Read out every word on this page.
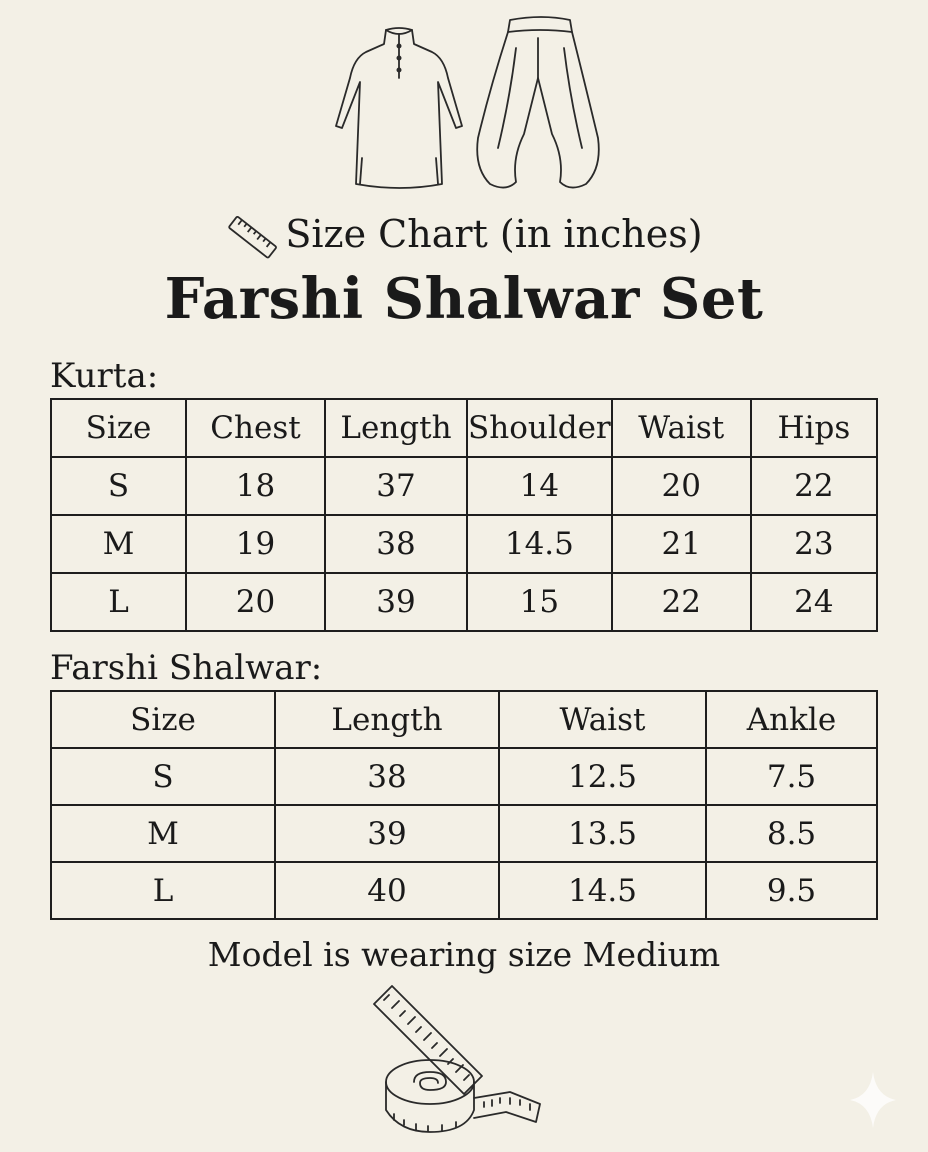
Size Chart (in inches)
Farshi Shalwar Set
Kurta:
Size	Chest	Length	Shoulder	Waist	Hips
S	18	37	14	20	22
M	19	38	14.5	21	23
L	20	39	15	22	24
Farshi Shalwar:
Size	Length	Waist	Ankle
S	38	12.5	7.5
M	39	13.5	8.5
L	40	14.5	9.5
Model is wearing size Medium
